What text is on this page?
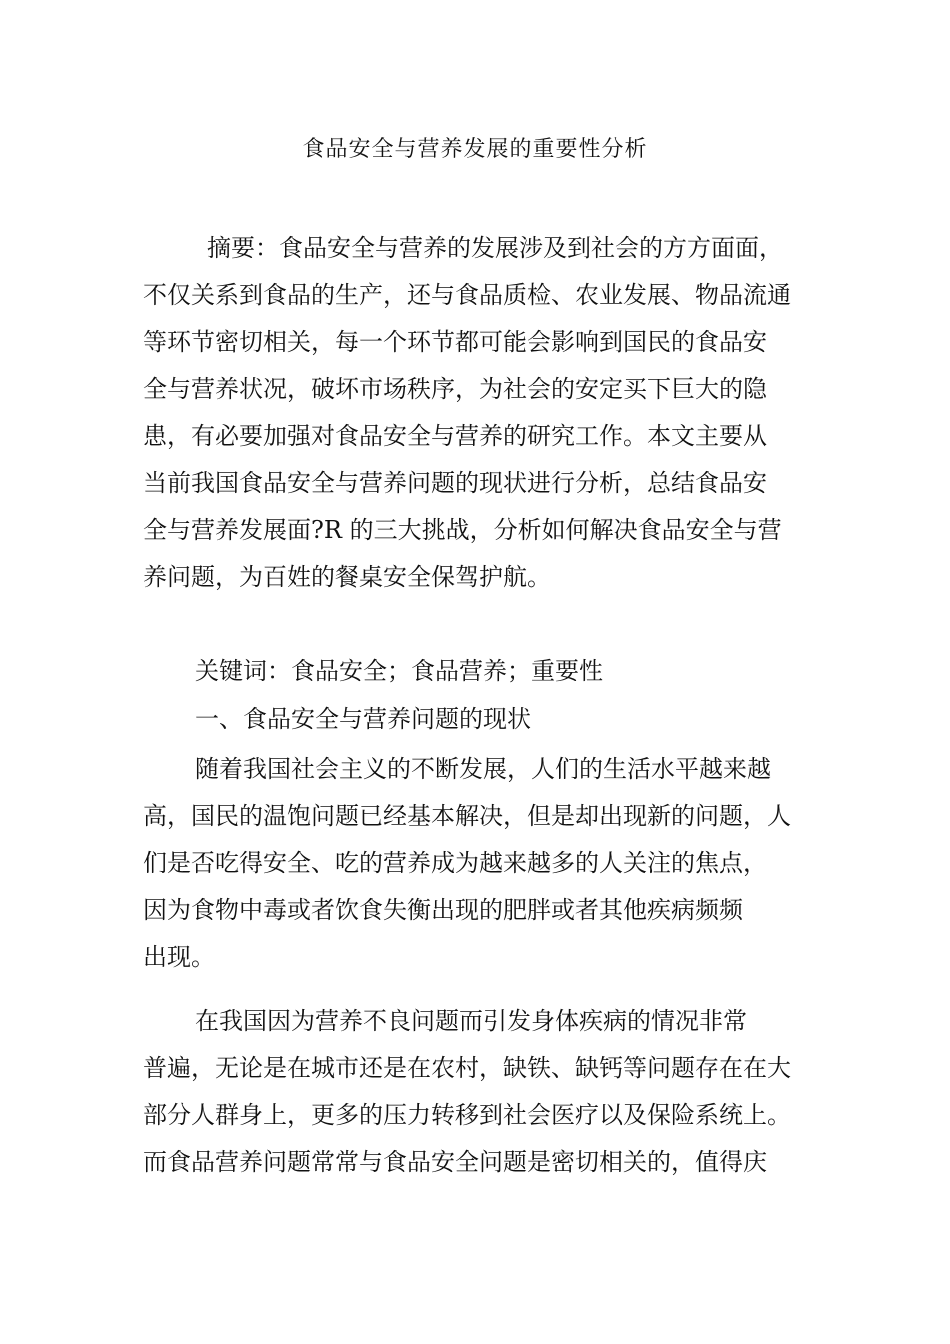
食品安全与营养发展的重要性分析
摘要：食品安全与营养的发展涉及到社会的方方面面，
不仅关系到食品的生产，还与食品质检、农业发展、物品流通
等环节密切相关，每一个环节都可能会影响到国民的食品安
全与营养状况，破坏市场秩序，为社会的安定买下巨大的隐
患，有必要加强对食品安全与营养的研究工作。本文主要从
当前我国食品安全与营养问题的现状进行分析，总结食品安
全与营养发展面?R 的三大挑战，分析如何解决食品安全与营
养问题，为百姓的餐桌安全保驾护航。
关键词：食品安全；食品营养；重要性
一、食品安全与营养问题的现状
随着我国社会主义的不断发展，人们的生活水平越来越
高，国民的温饱问题已经基本解决，但是却出现新的问题，人
们是否吃得安全、吃的营养成为越来越多的人关注的焦点，
因为食物中毒或者饮食失衡出现的肥胖或者其他疾病频频
出现。
在我国因为营养不良问题而引发身体疾病的情况非常
普遍，无论是在城市还是在农村，缺铁、缺钙等问题存在在大
部分人群身上，更多的压力转移到社会医疗以及保险系统上。
而食品营养问题常常与食品安全问题是密切相关的，值得庆
